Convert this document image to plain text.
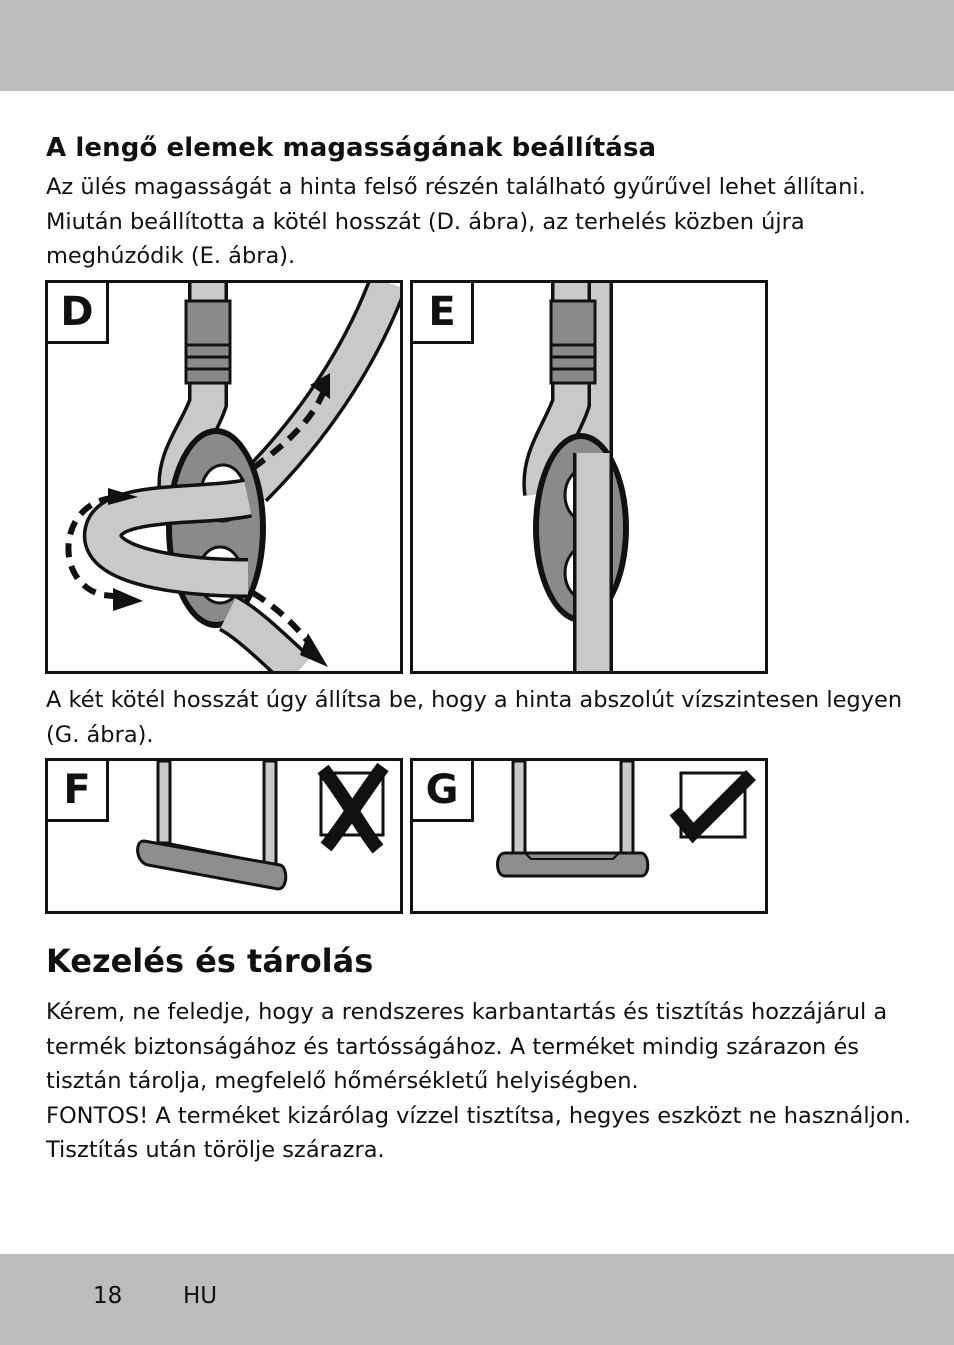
A lengő elemek magasságának beállítása

Az ülés magasságát a hinta felső részén található gyűrűvel lehet állítani. Miután beállította a kötél hosszát (D. ábra), az terhelés közben újra meghúzódik (E. ábra).

D	E

A két kötél hosszát úgy állítsa be, hogy a hinta abszolút vízszintesen legyen (G. ábra).

F	G
Kezelés és tárolás

Kérem, ne feledje, hogy a rendszeres karbantartás és tisztítás hozzájárul a termék biztonságához és tartósságához. A terméket mindig szárazon és tisztán tárolja, megfelelő hőmérsékletű helyiségben.
FONTOS! A terméket kizárólag vízzel tisztítsa, hegyes eszközt ne használjon. Tisztítás után törölje szárazra.

18	HU
